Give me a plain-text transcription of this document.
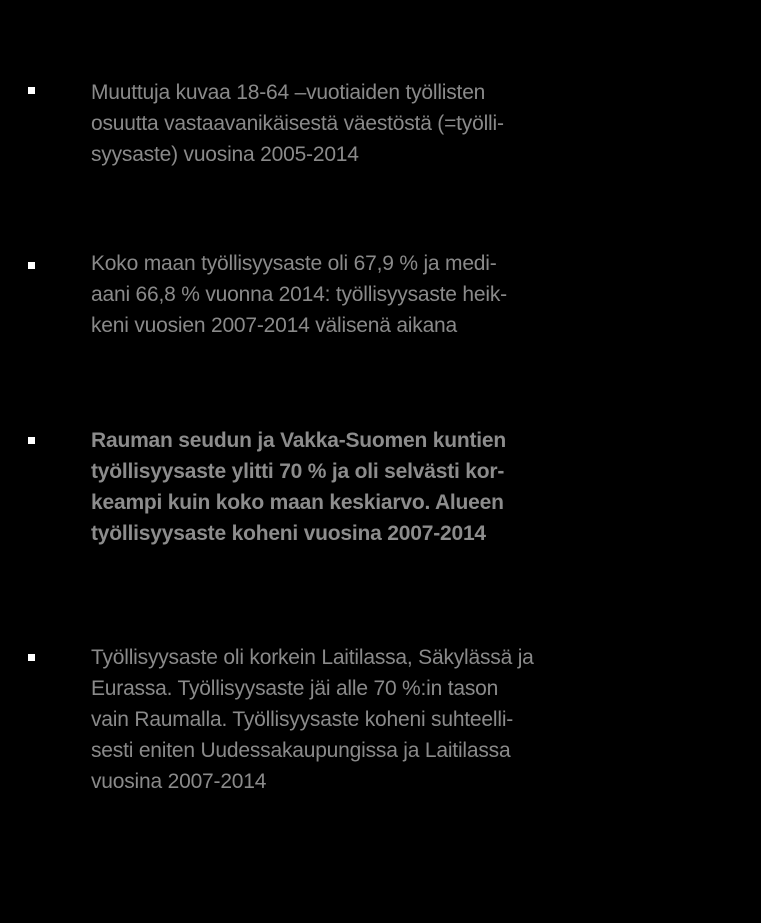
Muuttuja kuvaa 18-64 –vuotiaiden työllisten
osuutta vastaavanikäisestä väestöstä (=työlli-
syysaste) vuosina 2005-2014
Koko maan työllisyysaste oli 67,9 % ja medi-
aani 66,8 % vuonna 2014: työllisyysaste heik-
keni vuosien 2007-2014 välisenä aikana
Rauman seudun ja Vakka-Suomen kuntien
työllisyysaste ylitti 70 % ja oli selvästi kor-
keampi kuin koko maan keskiarvo. Alueen
työllisyysaste koheni vuosina 2007-2014
Työllisyysaste oli korkein Laitilassa, Säkylässä ja
Eurassa. Työllisyysaste jäi alle 70 %:in tason
vain Raumalla. Työllisyysaste koheni suhteelli-
sesti eniten Uudessakaupungissa ja Laitilassa
vuosina 2007-2014
